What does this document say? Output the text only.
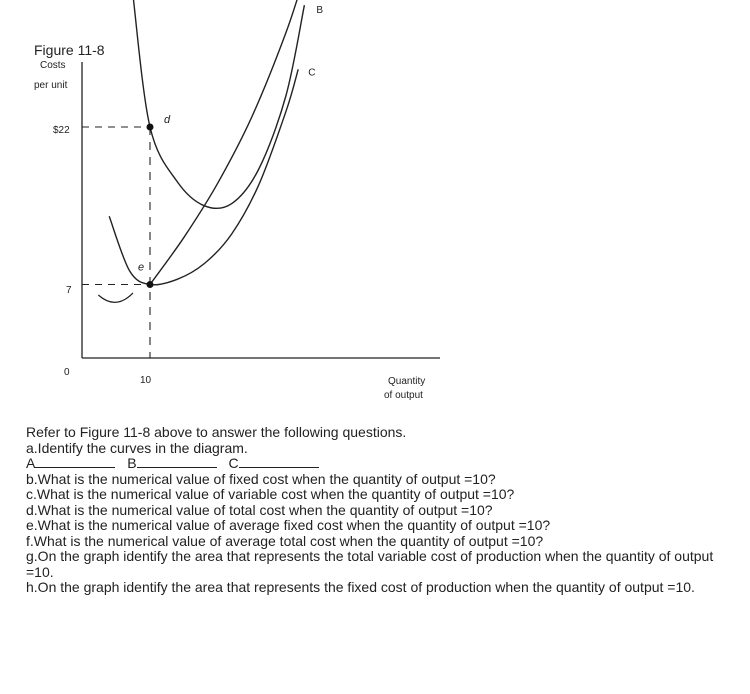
Figure 11-8
Costs
per unit
Quantity
of output
0
10
$22
7
B
C
d
e
Refer to Figure 11-8 above to answer the following questions.
a.Identify the curves in the diagram.
A	B	C
b.What is the numerical value of fixed cost when the quantity of output =10?
c.What is the numerical value of variable cost when the quantity of output =10?
d.What is the numerical value of total cost when the quantity of output =10?
e.What is the numerical value of average fixed cost when the quantity of output =10?
f.What is the numerical value of average total cost when the quantity of output =10?
g.On the graph identify the area that represents the total variable cost of production when the quantity of output =10.
h.On the graph identify the area that represents the fixed cost of production when the quantity of output =10.
